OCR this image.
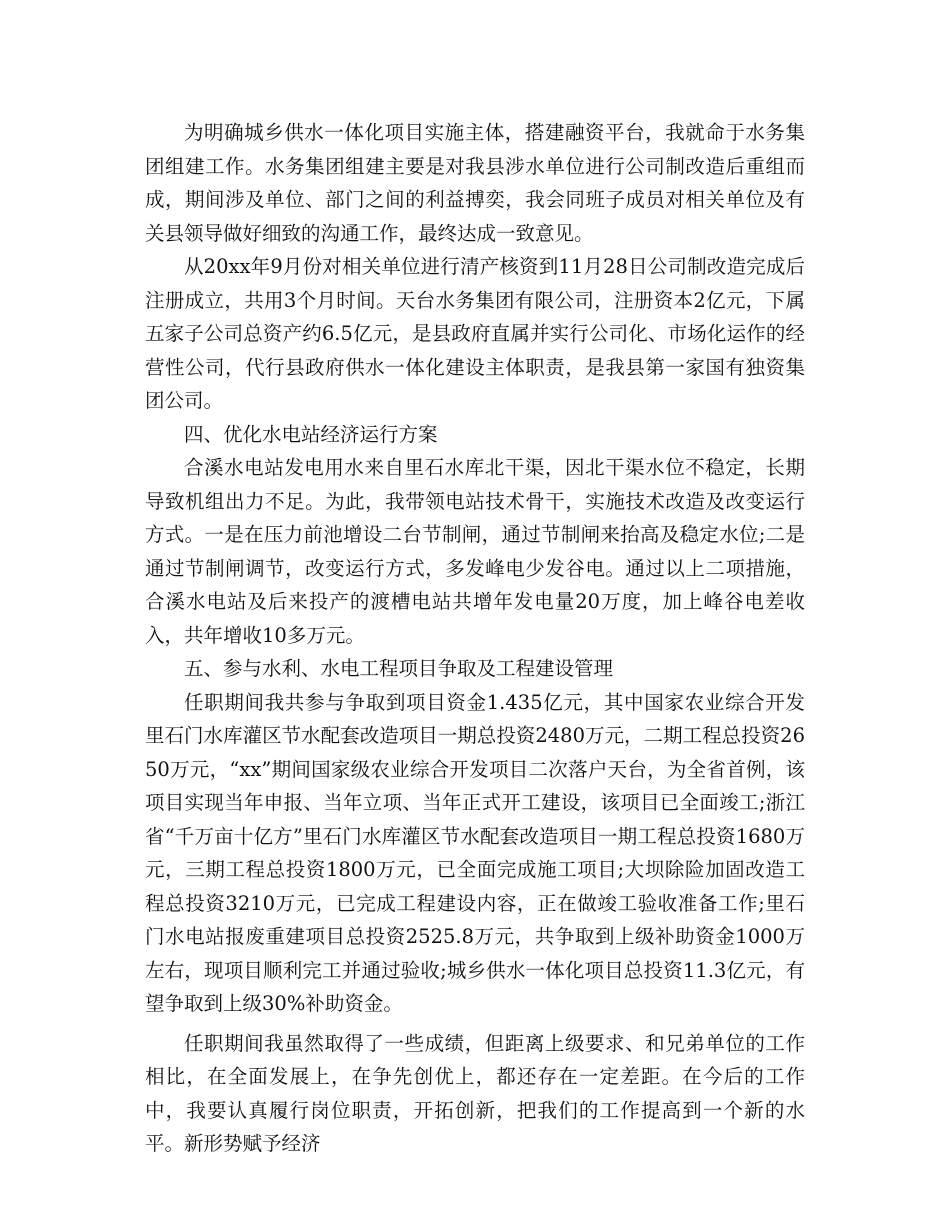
为明确城乡供水一体化项目实施主体，搭建融资平台，我就命于水务集团组建工作。水务集团组建主要是对我县涉水单位进行公司制改造后重组而成，期间涉及单位、部门之间的利益搏奕，我会同班子成员对相关单位及有关县领导做好细致的沟通工作，最终达成一致意见。

从20xx年9月份对相关单位进行清产核资到11月28日公司制改造完成后注册成立，共用3个月时间。天台水务集团有限公司，注册资本2亿元，下属五家子公司总资产约6.5亿元，是县政府直属并实行公司化、市场化运作的经营性公司，代行县政府供水一体化建设主体职责，是我县第一家国有独资集团公司。

四、优化水电站经济运行方案

合溪水电站发电用水来自里石水库北干渠，因北干渠水位不稳定，长期导致机组出力不足。为此，我带领电站技术骨干，实施技术改造及改变运行方式。一是在压力前池增设二台节制闸，通过节制闸来抬高及稳定水位;二是通过节制闸调节，改变运行方式，多发峰电少发谷电。通过以上二项措施，合溪水电站及后来投产的渡槽电站共增年发电量20万度，加上峰谷电差收入，共年增收10多万元。

五、参与水利、水电工程项目争取及工程建设管理

任职期间我共参与争取到项目资金1.435亿元，其中国家农业综合开发里石门水库灌区节水配套改造项目一期总投资2480万元，二期工程总投资2650万元，“xx”期间国家级农业综合开发项目二次落户天台，为全省首例，该项目实现当年申报、当年立项、当年正式开工建设，该项目已全面竣工;浙江省“千万亩十亿方”里石门水库灌区节水配套改造项目一期工程总投资1680万元，三期工程总投资1800万元，已全面完成施工项目;大坝除险加固改造工程总投资3210万元，已完成工程建设内容，正在做竣工验收准备工作;里石门水电站报废重建项目总投资2525.8万元，共争取到上级补助资金1000万左右，现项目顺利完工并通过验收;城乡供水一体化项目总投资11.3亿元，有望争取到上级30%补助资金。

任职期间我虽然取得了一些成绩，但距离上级要求、和兄弟单位的工作相比，在全面发展上，在争先创优上，都还存在一定差距。在今后的工作中，我要认真履行岗位职责，开拓创新，把我们的工作提高到一个新的水平。新形势赋予经济
